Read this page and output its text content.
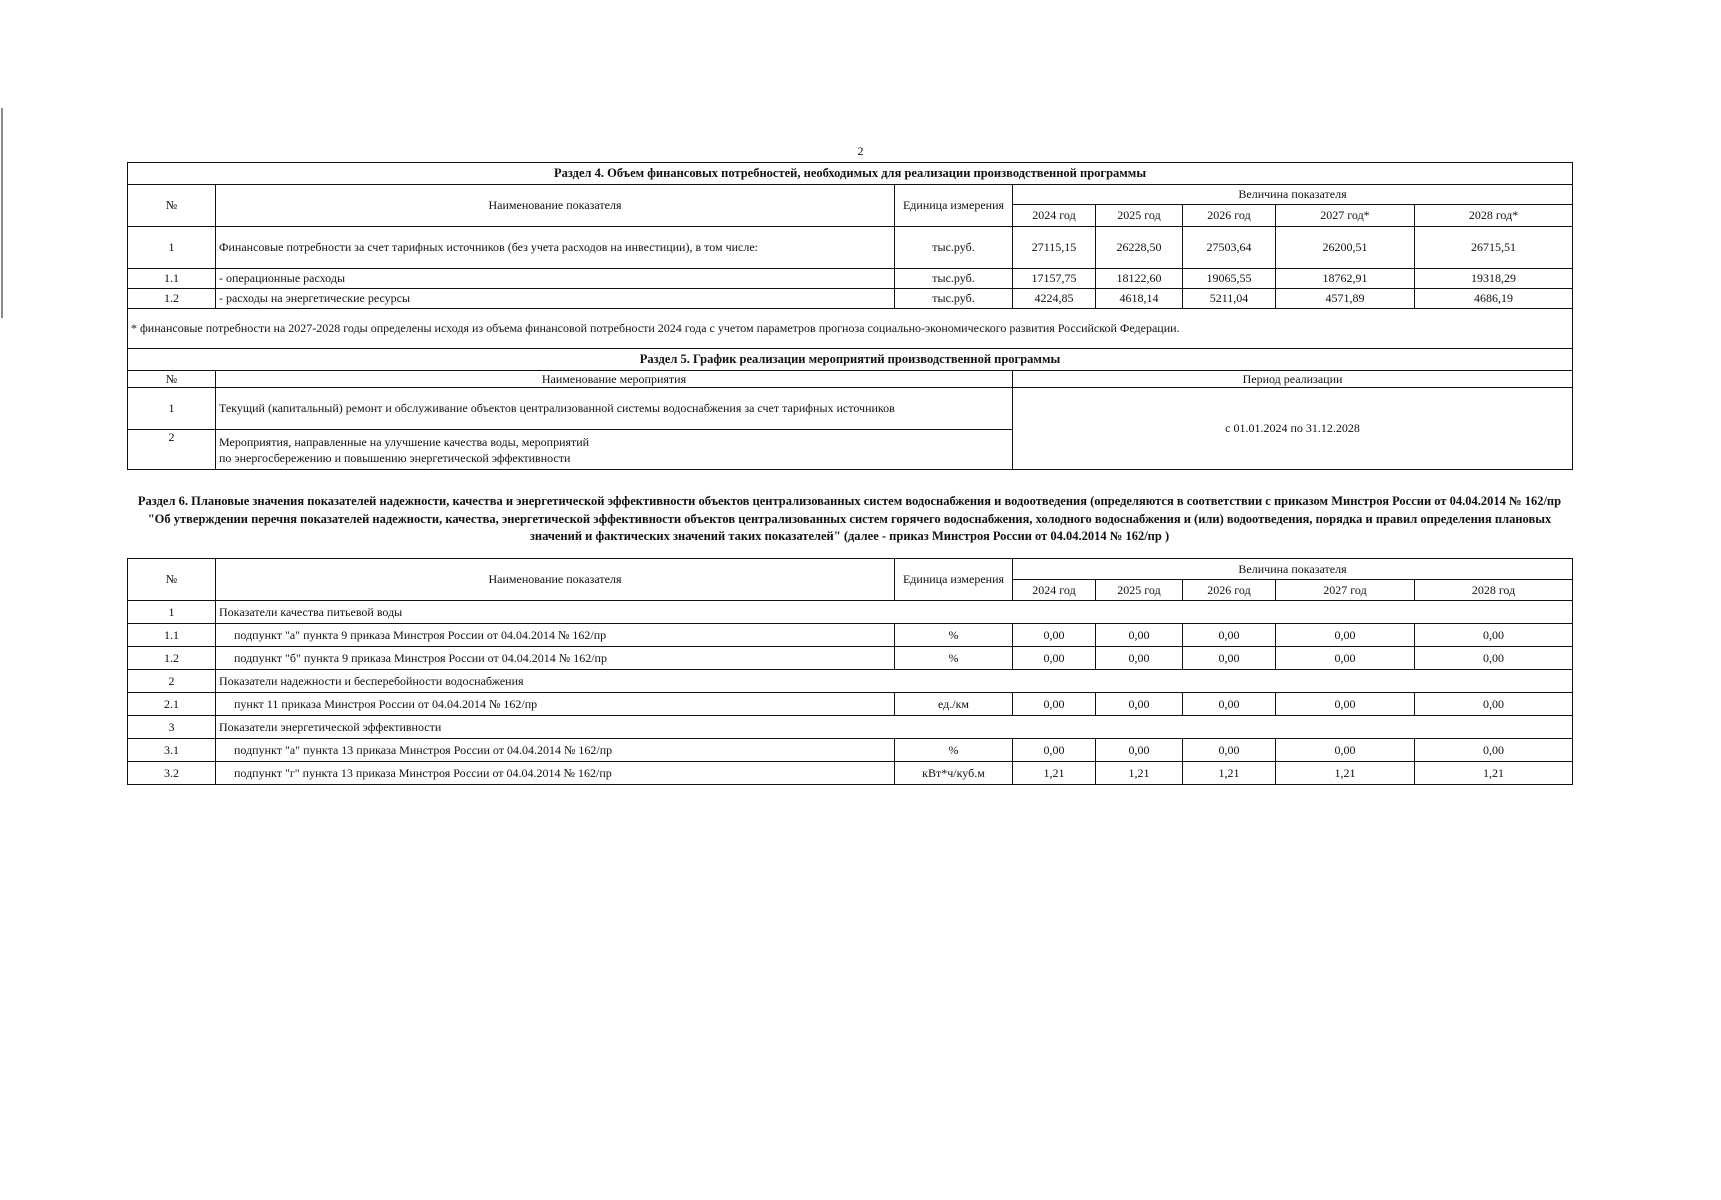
2
Раздел 4. Объем финансовых потребностей, необходимых для реализации производственной программы							
№	Наименование показателя	Единица измерения	Величина показателя				
			2024 год	2025 год	2026 год	2027 год*	2028 год*
1	Финансовые потребности за счет тарифных источников (без учета расходов на инвестиции), в том числе:	тыс.руб.	27115,15	26228,50	27503,64	26200,51	26715,51
1.1	- операционные расходы	тыс.руб.	17157,75	18122,60	19065,55	18762,91	19318,29
1.2	- расходы на энергетические ресурсы	тыс.руб.	4224,85	4618,14	5211,04	4571,89	4686,19
* финансовые потребности на 2027-2028 годы определены исходя из объема финансовой потребности 2024 года с учетом параметров прогноза социально-экономического развития Российской Федерации.							
Раздел 5. График реализации мероприятий производственной программы							
№	Наименование мероприятия		Период реализации				
1	Текущий (капитальный) ремонт и обслуживание объектов централизованной системы водоснабжения за счет тарифных источников		с 01.01.2024 по 31.12.2028				
2	Мероприятия, направленные на улучшение качества воды, мероприятий
по энергосбережению и повышению энергетической эффективности						
Раздел 6. Плановые значения показателей надежности, качества и энергетической эффективности объектов централизованных систем водоснабжения и водоотведения (определяются в соответствии с приказом Минстроя России от 04.04.2014 № 162/пр "Об утверждении перечня показателей надежности, качества, энергетической эффективности объектов централизованных систем горячего водоснабжения, холодного водоснабжения и (или) водоотведения, порядка и правил определения плановых значений и фактических значений таких показателей" (далее - приказ Минстроя России от 04.04.2014 № 162/пр )
№	Наименование показателя	Единица измерения	Величина показателя				
			2024 год	2025 год	2026 год	2027 год	2028 год
1	Показатели качества питьевой воды						
1.1	подпункт "а" пункта 9 приказа Минстроя России от 04.04.2014 № 162/пр	%	0,00	0,00	0,00	0,00	0,00
1.2	подпункт "б" пункта 9 приказа Минстроя России от 04.04.2014 № 162/пр	%	0,00	0,00	0,00	0,00	0,00
2	Показатели надежности и бесперебойности водоснабжения						
2.1	пункт 11 приказа Минстроя России от 04.04.2014 № 162/пр	ед./км	0,00	0,00	0,00	0,00	0,00
3	Показатели энергетической эффективности						
3.1	подпункт "а" пункта 13 приказа Минстроя России от 04.04.2014 № 162/пр	%	0,00	0,00	0,00	0,00	0,00
3.2	подпункт "г" пункта 13 приказа Минстроя России от 04.04.2014 № 162/пр	кВт*ч/куб.м	1,21	1,21	1,21	1,21	1,21
